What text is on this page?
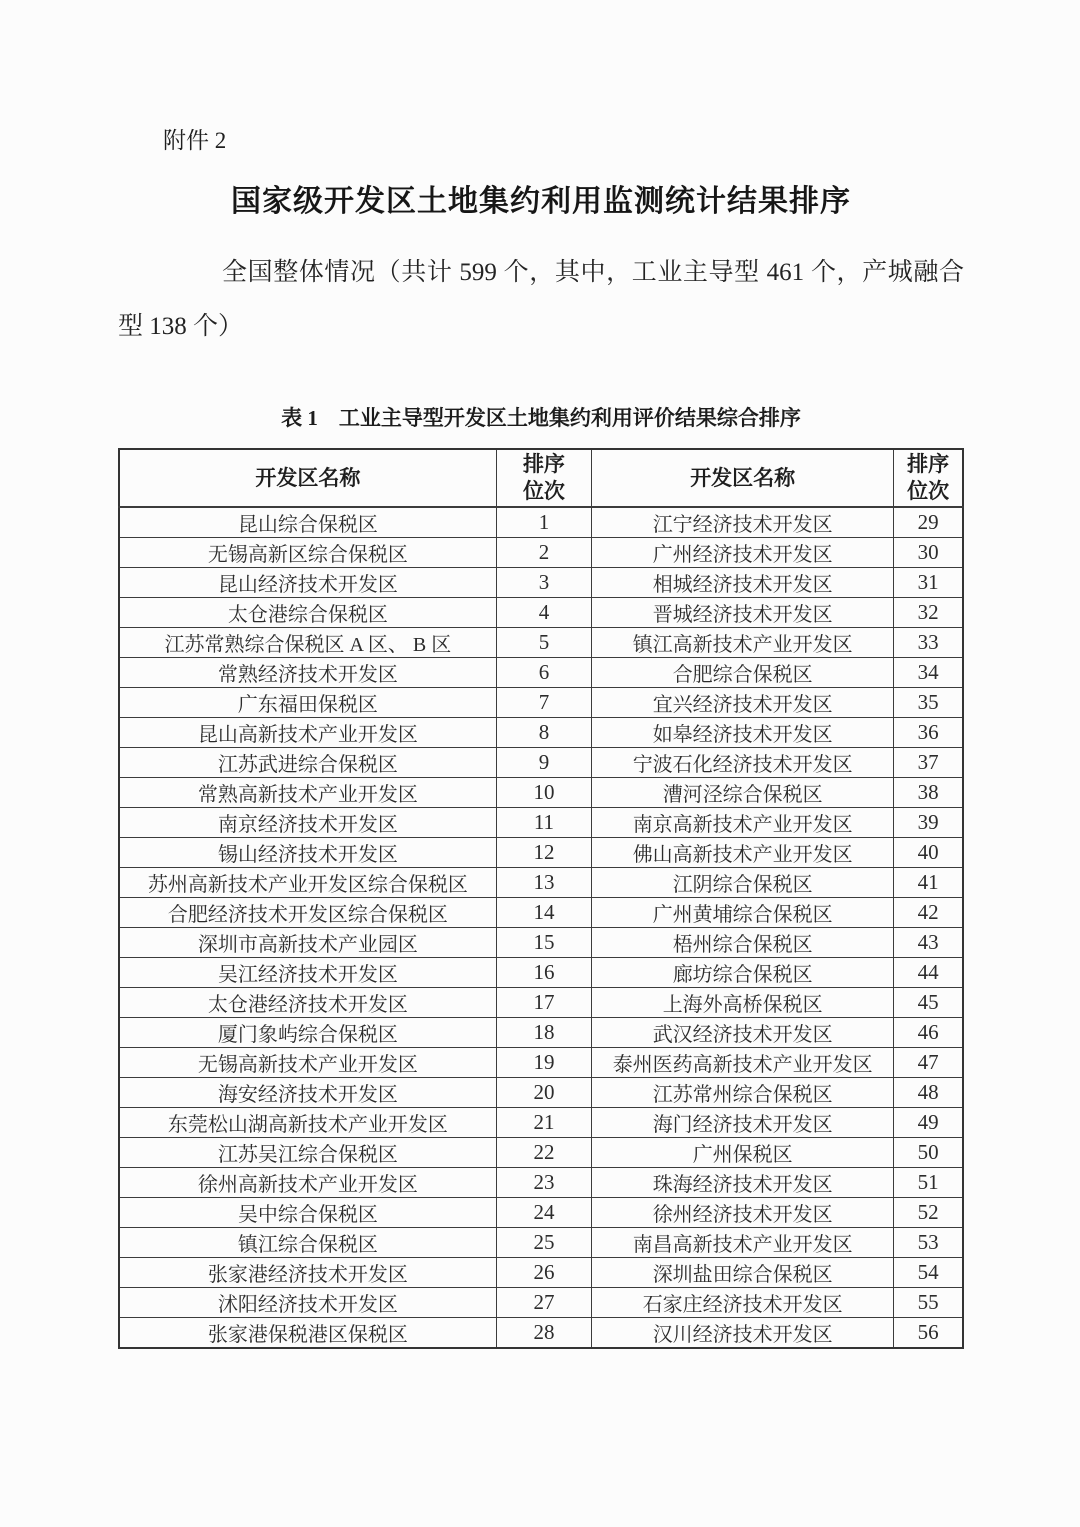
附件 2
国家级开发区土地集约利用监测统计结果排序

全国整体情况（共计 599 个，其中，工业主导型 461 个，产城融合型 138 个）

表 1　工业主导型开发区土地集约利用评价结果综合排序
开发区名称	排序位次	开发区名称	排序位次
昆山综合保税区	1	江宁经济技术开发区	29
无锡高新区综合保税区	2	广州经济技术开发区	30
昆山经济技术开发区	3	相城经济技术开发区	31
太仓港综合保税区	4	晋城经济技术开发区	32
江苏常熟综合保税区 A 区、 B 区	5	镇江高新技术产业开发区	33
常熟经济技术开发区	6	合肥综合保税区	34
广东福田保税区	7	宜兴经济技术开发区	35
昆山高新技术产业开发区	8	如皋经济技术开发区	36
江苏武进综合保税区	9	宁波石化经济技术开发区	37
常熟高新技术产业开发区	10	漕河泾综合保税区	38
南京经济技术开发区	11	南京高新技术产业开发区	39
锡山经济技术开发区	12	佛山高新技术产业开发区	40
苏州高新技术产业开发区综合保税区	13	江阴综合保税区	41
合肥经济技术开发区综合保税区	14	广州黄埔综合保税区	42
深圳市高新技术产业园区	15	梧州综合保税区	43
吴江经济技术开发区	16	廊坊综合保税区	44
太仓港经济技术开发区	17	上海外高桥保税区	45
厦门象屿综合保税区	18	武汉经济技术开发区	46
无锡高新技术产业开发区	19	泰州医药高新技术产业开发区	47
海安经济技术开发区	20	江苏常州综合保税区	48
东莞松山湖高新技术产业开发区	21	海门经济技术开发区	49
江苏吴江综合保税区	22	广州保税区	50
徐州高新技术产业开发区	23	珠海经济技术开发区	51
吴中综合保税区	24	徐州经济技术开发区	52
镇江综合保税区	25	南昌高新技术产业开发区	53
张家港经济技术开发区	26	深圳盐田综合保税区	54
沭阳经济技术开发区	27	石家庄经济技术开发区	55
张家港保税港区保税区	28	汉川经济技术开发区	56
